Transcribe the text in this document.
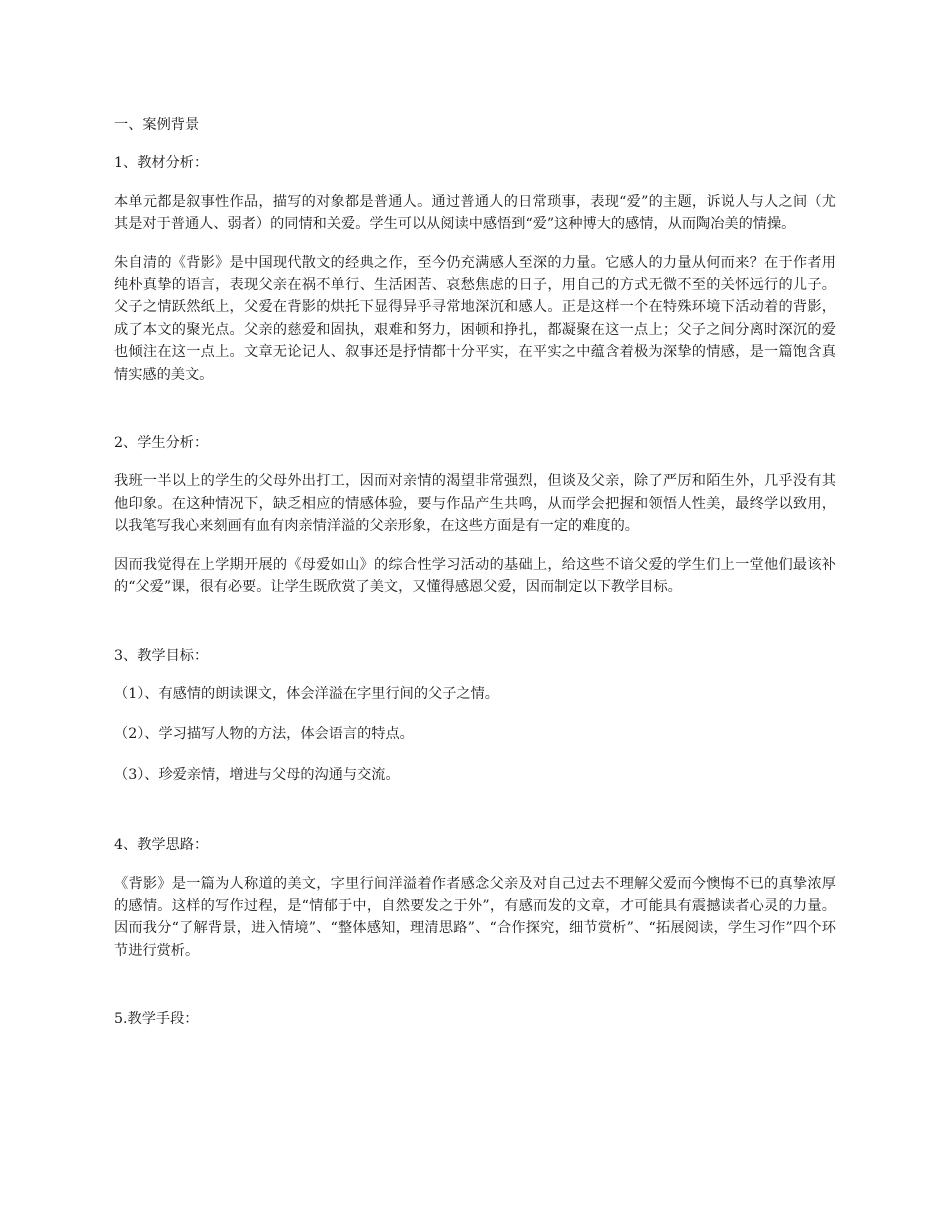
一、案例背景
1、教材分析：

本单元都是叙事性作品，描写的对象都是普通人。通过普通人的日常琐事，表现“爱”的主题，诉说人与人之间（尤其是对于普通人、弱者）的同情和关爱。学生可以从阅读中感悟到“爱”这种博大的感情，从而陶冶美的情操。

朱自清的《背影》是中国现代散文的经典之作，至今仍充满感人至深的力量。它感人的力量从何而来？在于作者用纯朴真挚的语言，表现父亲在祸不单行、生活困苦、哀愁焦虑的日子，用自己的方式无微不至的关怀远行的儿子。父子之情跃然纸上，父爱在背影的烘托下显得异乎寻常地深沉和感人。正是这样一个在特殊环境下活动着的背影，成了本文的聚光点。父亲的慈爱和固执，艰难和努力，困顿和挣扎，都凝聚在这一点上；父子之间分离时深沉的爱也倾注在这一点上。文章无论记人、叙事还是抒情都十分平实，在平实之中蕴含着极为深挚的情感，是一篇饱含真情实感的美文。

2、学生分析：

我班一半以上的学生的父母外出打工，因而对亲情的渴望非常强烈，但谈及父亲，除了严厉和陌生外，几乎没有其他印象。在这种情况下，缺乏相应的情感体验，要与作品产生共鸣，从而学会把握和领悟人性美，最终学以致用，以我笔写我心来刻画有血有肉亲情洋溢的父亲形象，在这些方面是有一定的难度的。

因而我觉得在上学期开展的《母爱如山》的综合性学习活动的基础上，给这些不谙父爱的学生们上一堂他们最该补的“父爱”课，很有必要。让学生既欣赏了美文，又懂得感恩父爱，因而制定以下教学目标。

3、教学目标：
（1）、有感情的朗读课文，体会洋溢在字里行间的父子之情。
（2）、学习描写人物的方法，体会语言的特点。
（3）、珍爱亲情，增进与父母的沟通与交流。
4、教学思路：

《背影》是一篇为人称道的美文，字里行间洋溢着作者感念父亲及对自己过去不理解父爱而今懊悔不已的真挚浓厚的感情。这样的写作过程，是“情郁于中，自然要发之于外”，有感而发的文章，才可能具有震撼读者心灵的力量。因而我分“了解背景，进入情境”、“整体感知，理清思路”、“合作探究，细节赏析”、“拓展阅读，学生习作”四个环节进行赏析。

5.教学手段：
